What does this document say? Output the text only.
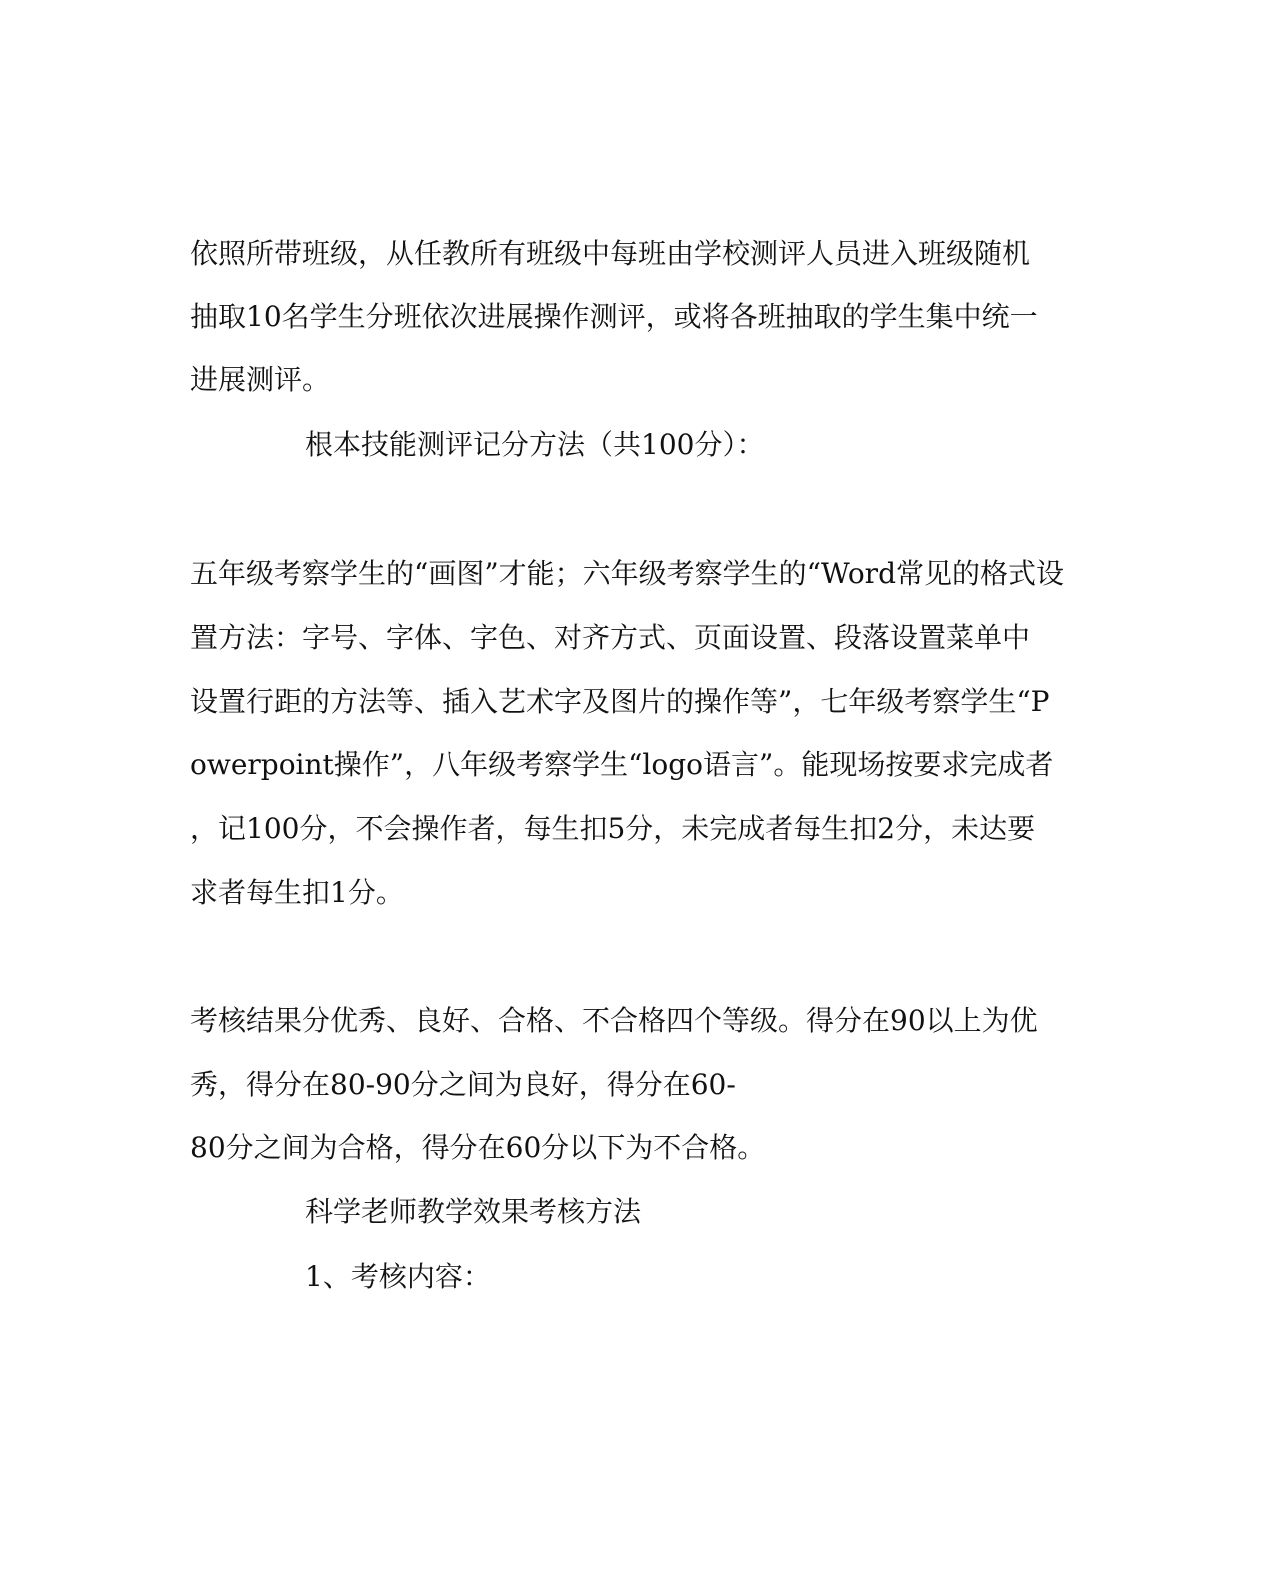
依照所带班级，从任教所有班级中每班由学校测评人员进入班级随机
抽取10名学生分班依次进展操作测评，或将各班抽取的学生集中统一
进展测评。
根本技能测评记分方法（共100分）：
五年级考察学生的“画图”才能；六年级考察学生的“Word常见的格式设
置方法：字号、字体、字色、对齐方式、页面设置、段落设置菜单中
设置行距的方法等、插入艺术字及图片的操作等”，七年级考察学生“P
owerpoint操作”，八年级考察学生“logo语言”。能现场按要求完成者
，记100分，不会操作者，每生扣5分，未完成者每生扣2分，未达要
求者每生扣1分。
考核结果分优秀、良好、合格、不合格四个等级。得分在90以上为优
秀，得分在80-90分之间为良好，得分在60-
80分之间为合格，得分在60分以下为不合格。
科学老师教学效果考核方法
1、考核内容：
